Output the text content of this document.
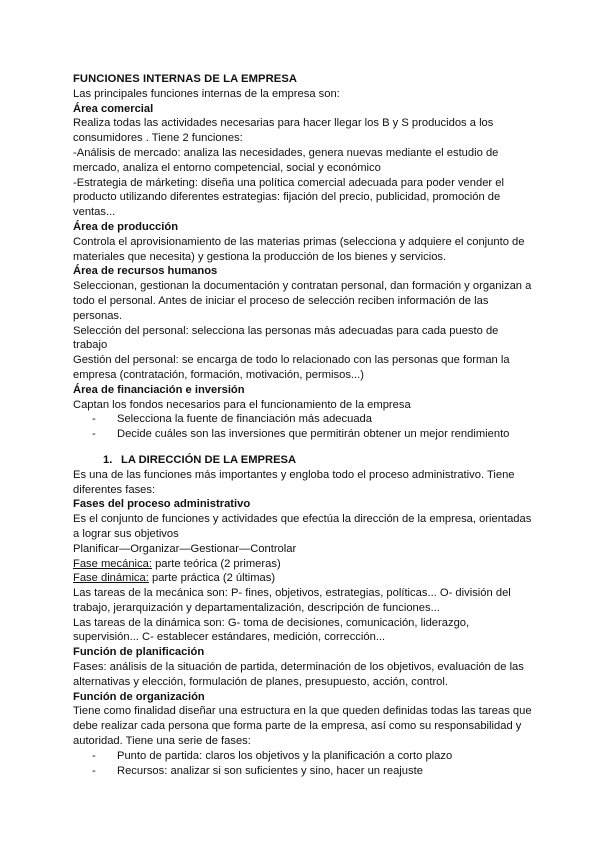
FUNCIONES INTERNAS DE LA EMPRESA
Las principales funciones internas de la empresa son:
Área comercial
Realiza todas las actividades necesarias para hacer llegar los B y S producidos a los
consumidores . Tiene 2 funciones:
-Análisis de mercado: analiza las necesidades, genera nuevas mediante el estudio de
mercado, analiza el entorno competencial, social y económico
-Estrategia de márketing: diseña una política comercial adecuada para poder vender el
producto utilizando diferentes estrategias: fijación del precio, publicidad, promoción de
ventas...
Área de producción
Controla el aprovisionamiento de las materias primas (selecciona y adquiere el conjunto de
materiales que necesita) y gestiona la producción de los bienes y servicios.
Área de recursos humanos
Seleccionan, gestionan la documentación y contratan personal, dan formación y organizan a
todo el personal. Antes de iniciar el proceso de selección reciben información de las
personas.
Selección del personal: selecciona las personas más adecuadas para cada puesto de
trabajo
Gestión del personal: se encarga de todo lo relacionado con las personas que forman la
empresa (contratación, formación, motivación, permisos...)
Área de financiación e inversión
Captan los fondos necesarios para el funcionamiento de la empresa
- Selecciona la fuente de financiación más adecuada
- Decide cuáles son las inversiones que permitirán obtener un mejor rendimiento
1. LA DIRECCIÓN DE LA EMPRESA
Es una de las funciones más importantes y engloba todo el proceso administrativo. Tiene
diferentes fases:
Fases del proceso administrativo
Es el conjunto de funciones y actividades que efectúa la dirección de la empresa, orientadas
a lograr sus objetivos
Planificar—Organizar—Gestionar—Controlar
Fase mecánica: parte teórica (2 primeras)
Fase dinámica: parte práctica (2 últimas)
Las tareas de la mecánica son: P- fines, objetivos, estrategias, políticas... O- división del
trabajo, jerarquización y departamentalización, descripción de funciones...
Las tareas de la dinámica son: G- toma de decisiones, comunicación, liderazgo,
supervisión... C- establecer estándares, medición, corrección...
Función de planificación
Fases: análisis de la situación de partida, determinación de los objetivos, evaluación de las
alternativas y elección, formulación de planes, presupuesto, acción, control.
Función de organización
Tiene como finalidad diseñar una estructura en la que queden definidas todas las tareas que
debe realizar cada persona que forma parte de la empresa, así como su responsabilidad y
autoridad. Tiene una serie de fases:
- Punto de partida: claros los objetivos y la planificación a corto plazo
- Recursos: analizar si son suficientes y sino, hacer un reajuste
